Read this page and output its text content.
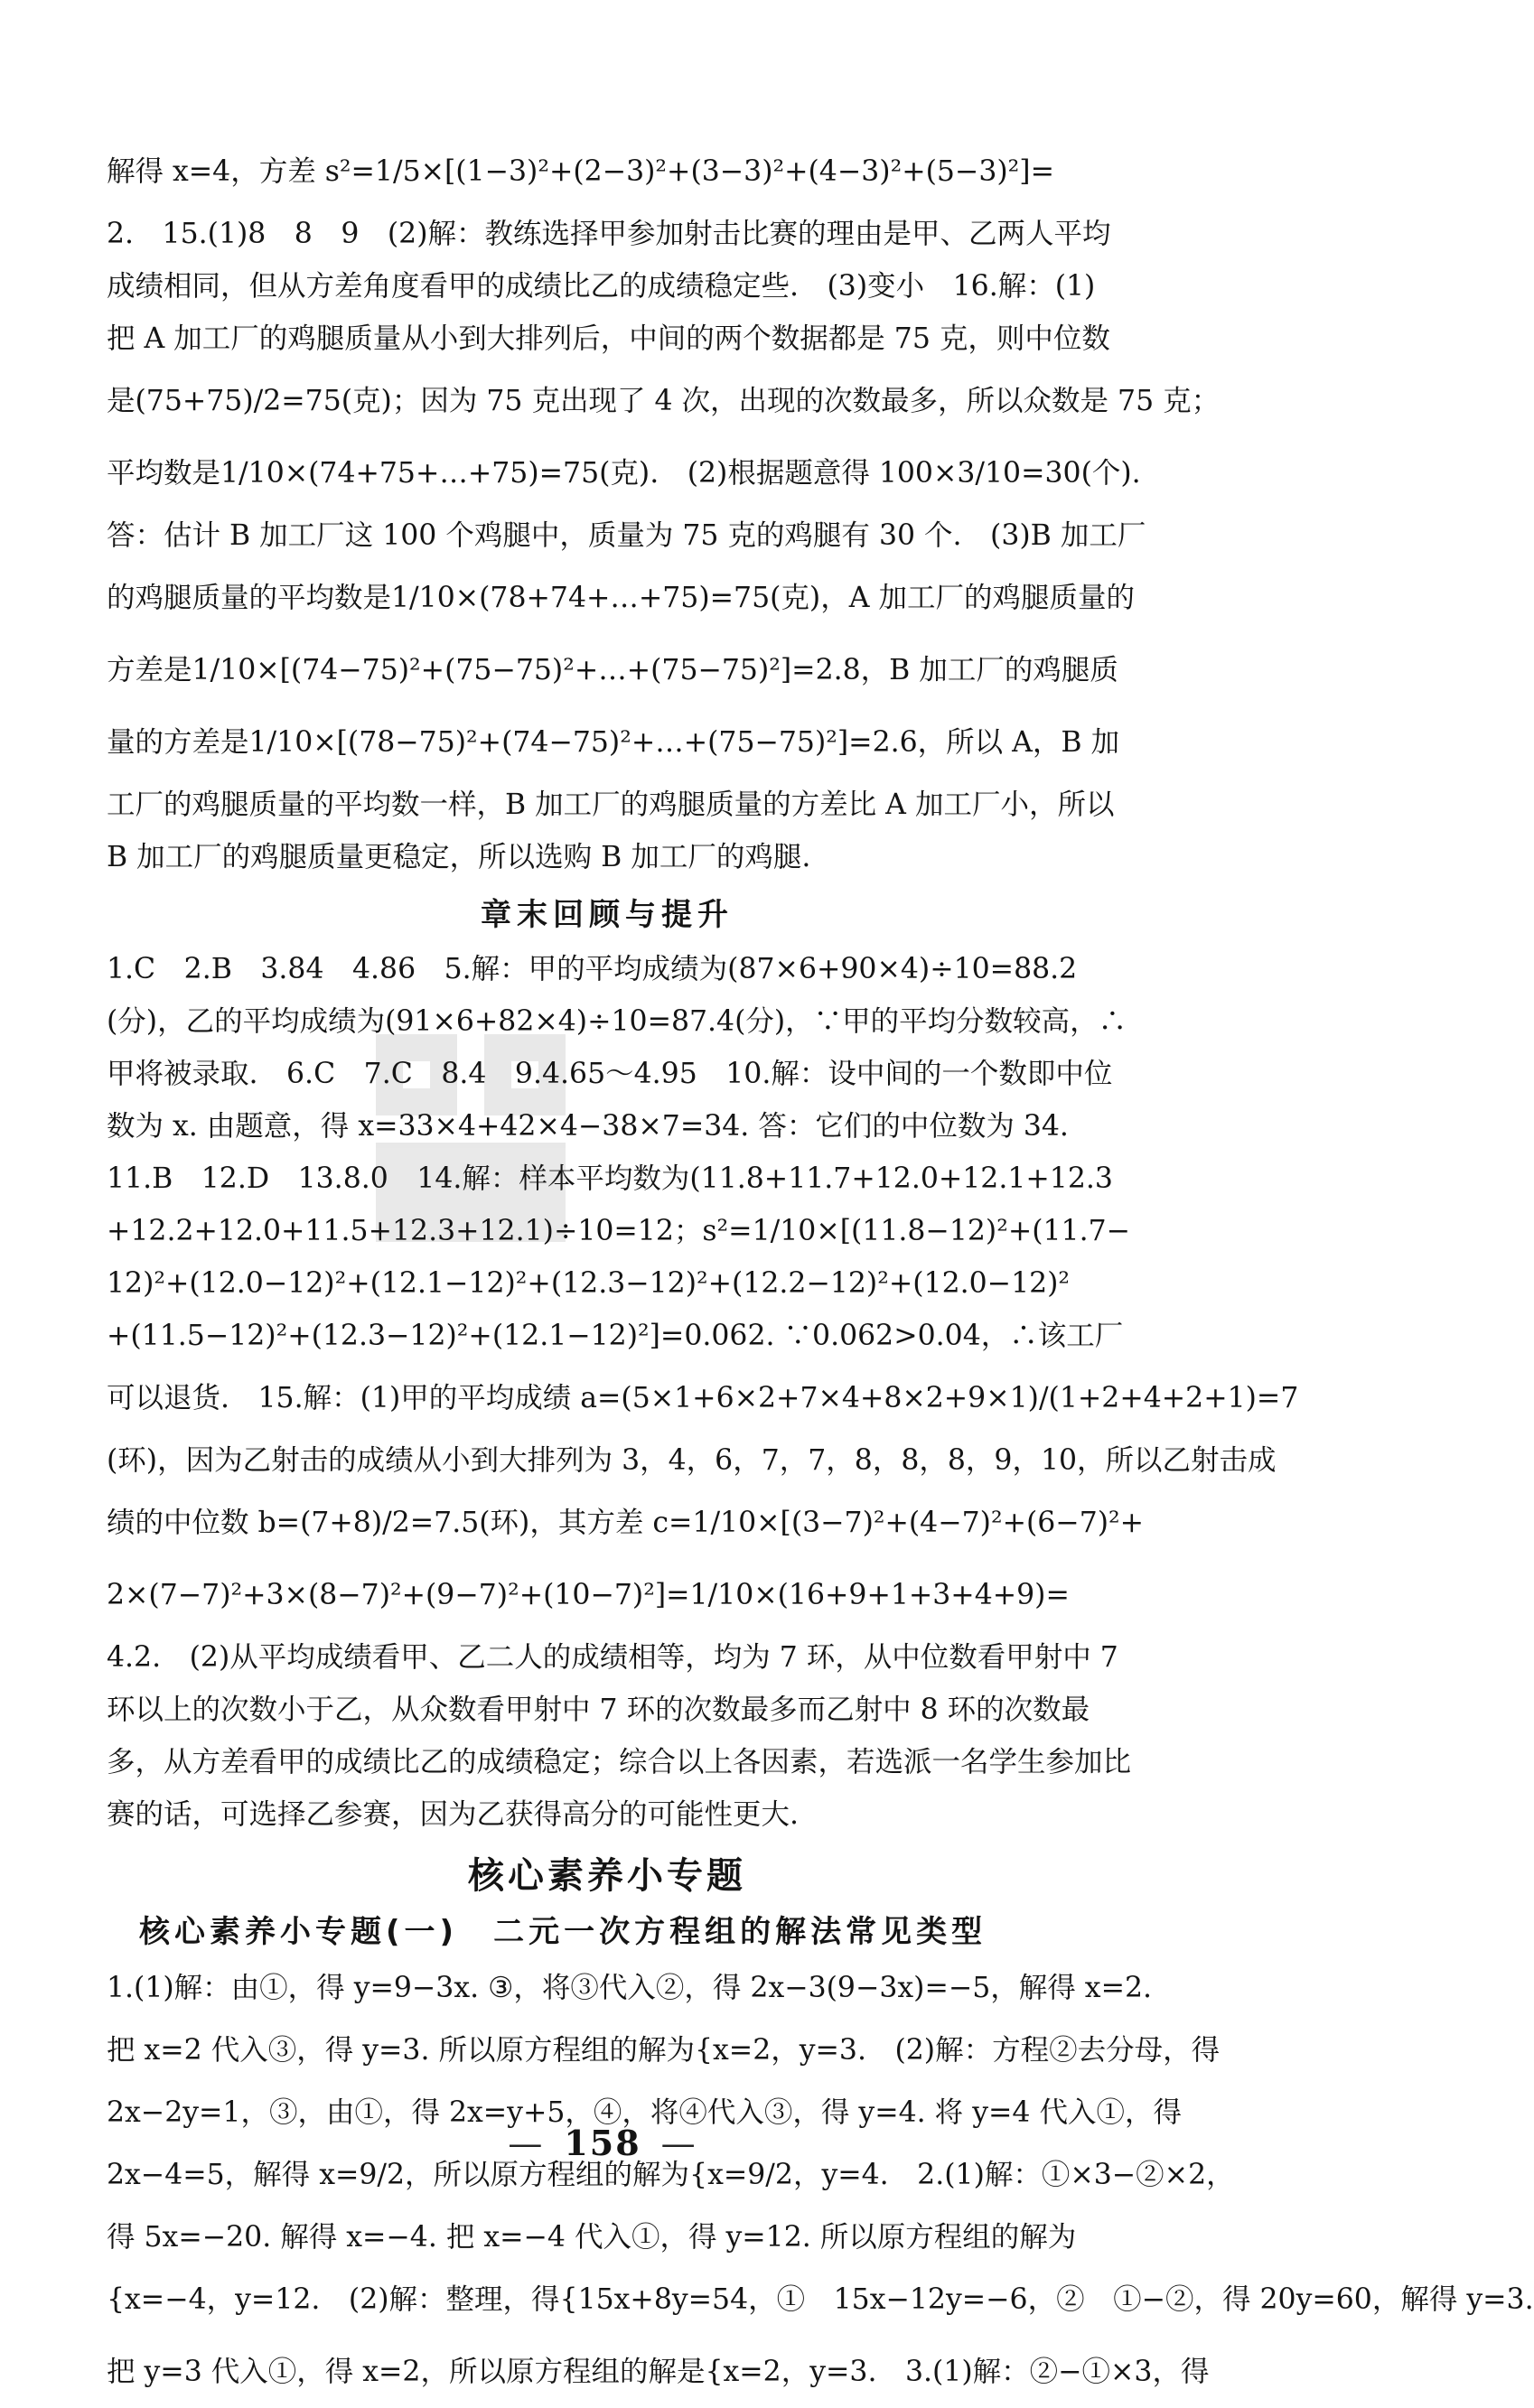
解得 x=4，方差 s²=1/5×[(1−3)²+(2−3)²+(3−3)²+(4−3)²+(5−3)²]=
2.　15.(1)8　8　9　(2)解：教练选择甲参加射击比赛的理由是甲、乙两人平均
成绩相同，但从方差角度看甲的成绩比乙的成绩稳定些.　(3)变小　16.解：(1)
把 A 加工厂的鸡腿质量从小到大排列后，中间的两个数据都是 75 克，则中位数
是(75+75)/2=75(克)；因为 75 克出现了 4 次，出现的次数最多，所以众数是 75 克；
平均数是1/10×(74+75+…+75)=75(克).　(2)根据题意得 100×3/10=30(个).
答：估计 B 加工厂这 100 个鸡腿中，质量为 75 克的鸡腿有 30 个.　(3)B 加工厂
的鸡腿质量的平均数是1/10×(78+74+…+75)=75(克)，A 加工厂的鸡腿质量的
方差是1/10×[(74−75)²+(75−75)²+…+(75−75)²]=2.8，B 加工厂的鸡腿质
量的方差是1/10×[(78−75)²+(74−75)²+…+(75−75)²]=2.6，所以 A，B 加
工厂的鸡腿质量的平均数一样，B 加工厂的鸡腿质量的方差比 A 加工厂小，所以
B 加工厂的鸡腿质量更稳定，所以选购 B 加工厂的鸡腿.
章末回顾与提升
1.C　2.B　3.84　4.86　5.解：甲的平均成绩为(87×6+90×4)÷10=88.2
(分)，乙的平均成绩为(91×6+82×4)÷10=87.4(分)，∵甲的平均分数较高，∴
甲将被录取.　6.C　7.C　8.4　9.4.65～4.95　10.解：设中间的一个数即中位
数为 x. 由题意，得 x=33×4+42×4−38×7=34. 答：它们的中位数为 34.
11.B　12.D　13.8.0　14.解：样本平均数为(11.8+11.7+12.0+12.1+12.3
+12.2+12.0+11.5+12.3+12.1)÷10=12；s²=1/10×[(11.8−12)²+(11.7−
12)²+(12.0−12)²+(12.1−12)²+(12.3−12)²+(12.2−12)²+(12.0−12)²
+(11.5−12)²+(12.3−12)²+(12.1−12)²]=0.062. ∵0.062>0.04，∴该工厂
可以退货.　15.解：(1)甲的平均成绩 a=(5×1+6×2+7×4+8×2+9×1)/(1+2+4+2+1)=7
(环)，因为乙射击的成绩从小到大排列为 3，4，6，7，7，8，8，8，9，10，所以乙射击成
绩的中位数 b=(7+8)/2=7.5(环)，其方差 c=1/10×[(3−7)²+(4−7)²+(6−7)²+
2×(7−7)²+3×(8−7)²+(9−7)²+(10−7)²]=1/10×(16+9+1+3+4+9)=
4.2.　(2)从平均成绩看甲、乙二人的成绩相等，均为 7 环，从中位数看甲射中 7
环以上的次数小于乙，从众数看甲射中 7 环的次数最多而乙射中 8 环的次数最
多，从方差看甲的成绩比乙的成绩稳定；综合以上各因素，若选派一名学生参加比
赛的话，可选择乙参赛，因为乙获得高分的可能性更大.
核心素养小专题
核心素养小专题(一)　二元一次方程组的解法常见类型
1.(1)解：由①，得 y=9−3x. ③，将③代入②，得 2x−3(9−3x)=−5，解得 x=2.
把 x=2 代入③，得 y=3. 所以原方程组的解为{x=2，y=3.　(2)解：方程②去分母，得
2x−2y=1，③，由①，得 2x=y+5，④，将④代入③，得 y=4. 将 y=4 代入①，得
2x−4=5，解得 x=9/2，所以原方程组的解为{x=9/2，y=4.　2.(1)解：①×3−②×2，
得 5x=−20. 解得 x=−4. 把 x=−4 代入①，得 y=12. 所以原方程组的解为
{x=−4，y=12.　(2)解：整理，得{15x+8y=54，①　15x−12y=−6，②　①−②，得 20y=60，解得 y=3.
把 y=3 代入①，得 x=2，所以原方程组的解是{x=2，y=3.　3.(1)解：②−①×3，得
— 158 —
